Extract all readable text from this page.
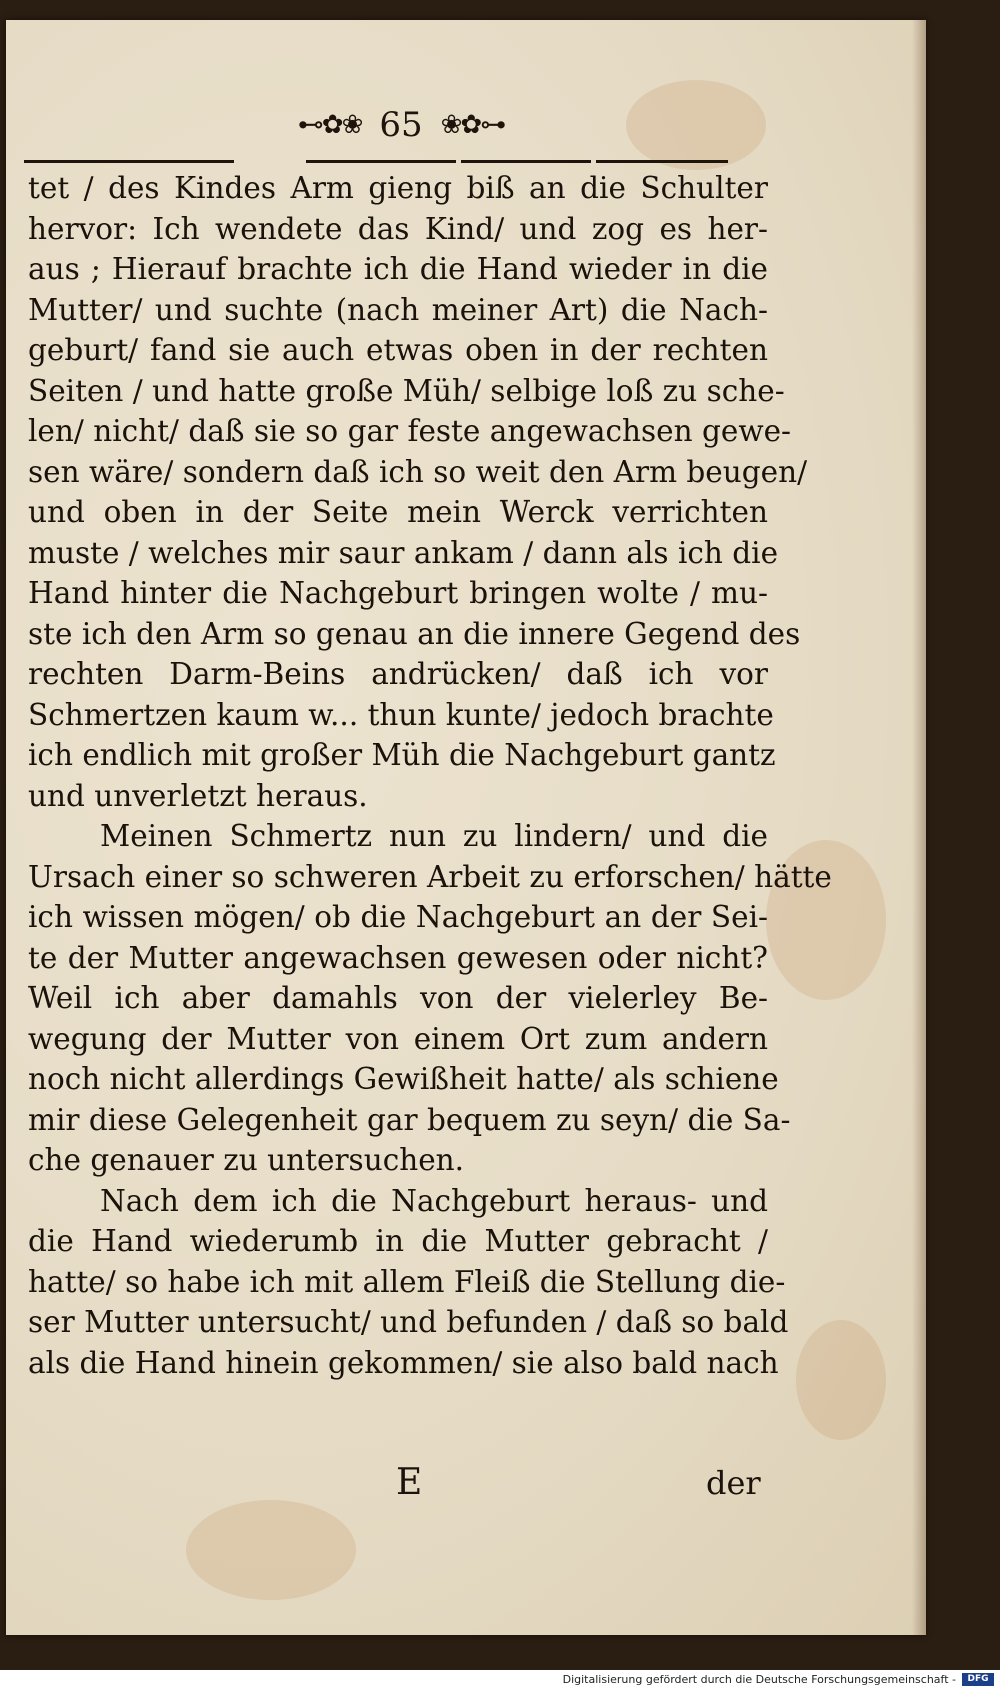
⊷✿❀ 65 ❀✿⊶
tet / des Kindes Arm gieng biß an die Schulter
hervor: Ich wendete das Kind/ und zog es her-
aus ; Hierauf brachte ich die Hand wieder in die
Mutter/ und suchte (nach meiner Art) die Nach-
geburt/ fand sie auch etwas oben in der rechten
Seiten / und hatte große Müh/ selbige loß zu sche-
len/ nicht/ daß sie so gar feste angewachsen gewe-
sen wäre/ sondern daß ich so weit den Arm beugen/
und oben in der Seite mein Werck verrichten
muste / welches mir saur ankam / dann als ich die
Hand hinter die Nachgeburt bringen wolte / mu-
ste ich den Arm so genau an die innere Gegend des
rechten Darm-Beins andrücken/ daß ich vor
Schmertzen kaum w... thun kunte/ jedoch brachte
ich endlich mit großer Müh die Nachgeburt gantz
und unverletzt heraus.
Meinen Schmertz nun zu lindern/ und die
Ursach einer so schweren Arbeit zu erforschen/ hätte
ich wissen mögen/ ob die Nachgeburt an der Sei-
te der Mutter angewachsen gewesen oder nicht?
Weil ich aber damahls von der vielerley Be-
wegung der Mutter von einem Ort zum andern
noch nicht allerdings Gewißheit hatte/ als schiene
mir diese Gelegenheit gar bequem zu seyn/ die Sa-
che genauer zu untersuchen.
Nach dem ich die Nachgeburt heraus- und
die Hand wiederumb in die Mutter gebracht /
hatte/ so habe ich mit allem Fleiß die Stellung die-
ser Mutter untersucht/ und befunden / daß so bald
als die Hand hinein gekommen/ sie also bald nach
E	der
Digitalisierung gefördert durch die Deutsche Forschungsgemeinschaft -	DFG
